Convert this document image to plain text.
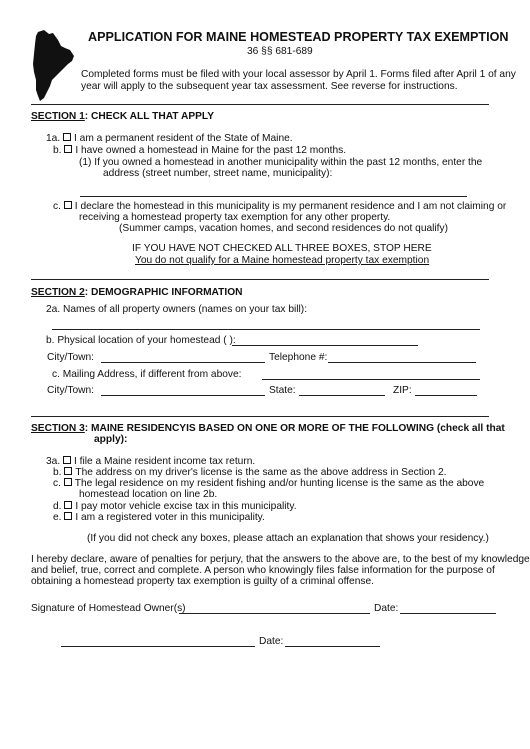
APPLICATION FOR MAINE HOMESTEAD PROPERTY TAX EXEMPTION
36 §§ 681-689
Completed forms must be filed with your local assessor by April 1. Forms filed after April 1 of any
year will apply to the subsequent year tax assessment. See reverse for instructions.
SECTION 1: CHECK ALL THAT APPLY
1a. I am a permanent resident of the State of Maine.
b. I have owned a homestead in Maine for the past 12 months.
(1) If you owned a homestead in another municipality within the past 12 months, enter the
address (street number, street name, municipality):
c. I declare the homestead in this municipality is my permanent residence and I am not claiming or
receiving a homestead property tax exemption for any other property.
(Summer camps, vacation homes, and second residences do not qualify)
IF YOU HAVE NOT CHECKED ALL THREE BOXES, STOP HERE
You do not qualify for a Maine homestead property tax exemption
SECTION 2: DEMOGRAPHIC INFORMATION
2a. Names of all property owners (names on your tax bill):
b. Physical location of your homestead ( ):
City/Town:	Telephone #:
c. Mailing Address, if different from above:
City/Town:	State:	ZIP:
SECTION 3: MAINE RESIDENCYIS BASED ON ONE OR MORE OF THE FOLLOWING (check all that
apply):
3a. I file a Maine resident income tax return.
b. The address on my driver's license is the same as the above address in Section 2.
c. The legal residence on my resident fishing and/or hunting license is the same as the above
homestead location on line 2b.
d. I pay motor vehicle excise tax in this municipality.
e. I am a registered voter in this municipality.
(If you did not check any boxes, please attach an explanation that shows your residency.)
I hereby declare, aware of penalties for perjury, that the answers to the above are, to the best of my knowledge
and belief, true, correct and complete. A person who knowingly files false information for the purpose of
obtaining a homestead property tax exemption is guilty of a criminal offense.
Signature of Homestead Owner(s)	Date:
Date:
